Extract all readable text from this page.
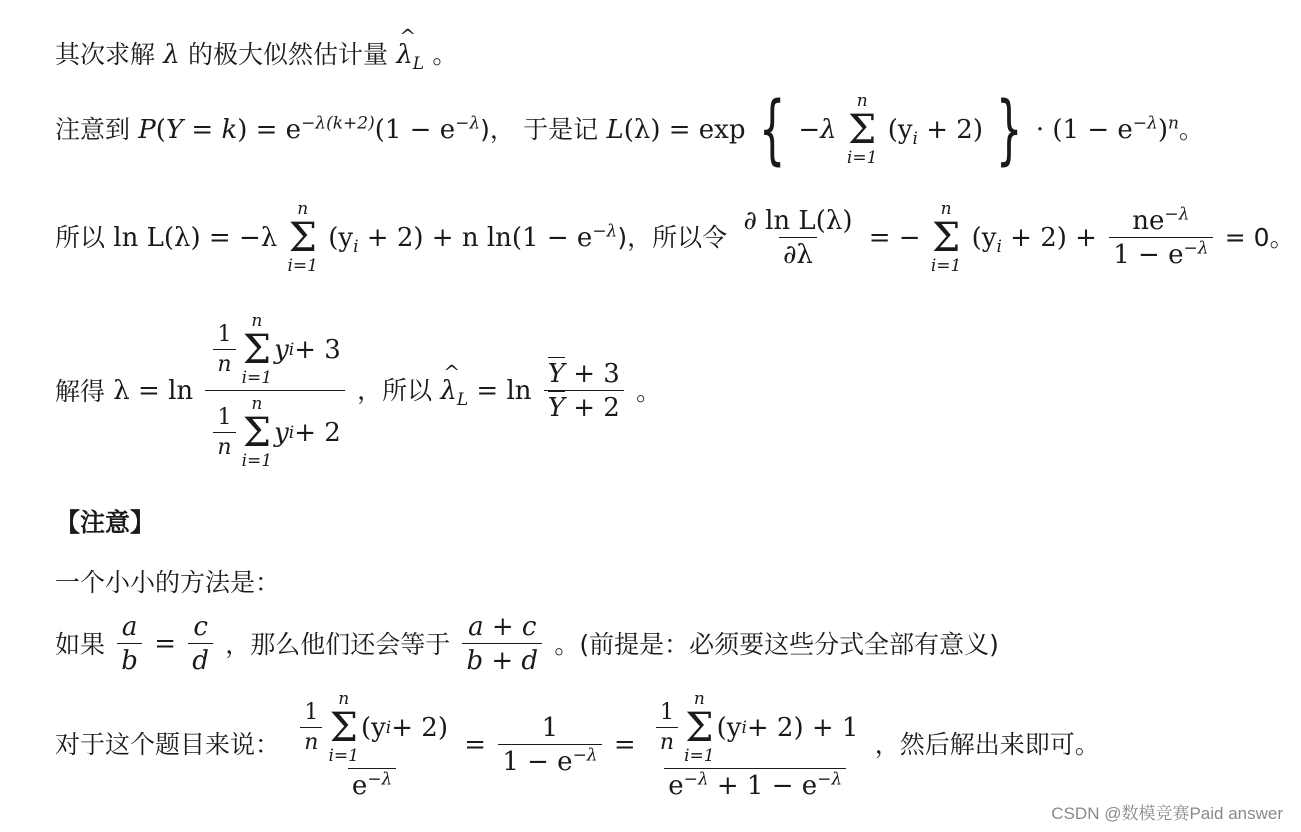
其次求解 λ 的极大似然估计量 ^ $\lambda_L$ 。
注意到 $P(Y = k) = e^{-\lambda(k+2)}(1 - e^{-\lambda})$， 于是记 L(λ) = exp { −λ
n
Σ
i=1
$(y_i + 2)$ } · $(1 - e^{-\lambda})^n$。
所以 ln L(λ) = −λ
n
Σ
i=1
$(y_i + 2) + n$ $\ln(1 - e^{-\lambda})$，所以令 $\frac{\text{∂ ln L(λ)}}{\partial\lambda}$ = −
n
Σ
i=1
$(y_i + 2) + \frac{ne^{-\lambda}}{1 - e^{-\lambda}} = 0$。
解得 $\lambda = \ln \frac{1}{n}$
n
Σ
i=1
y i + 3
$\frac{1}{n}$
n
Σ
i=1
y i + 2 ，所以 ^ $\lambda_L = \ln \frac{Y + 3}{Y + 2}$ 。
【注意】
一个小小的方法是：
如果 $\frac{a}{b} = \frac{c}{d}$ ，那么他们还会等于 $\frac{a + c}{b + d}$ 。(前提是：必须要这些分式全部有意义)
对于这个题目来说： $\frac{1}{n}$
n
Σ
i=1
(y i + 2)
$e^{-\lambda} = \frac{1}{1 - e^{-\lambda}} = \frac{1}{n}$
n
Σ
i=1
(y i + 2) + 1
$e^{-\lambda} + 1 - e^{-\lambda}$ ，然后解出来即可。
CSDN @数模竞赛Paid answer
